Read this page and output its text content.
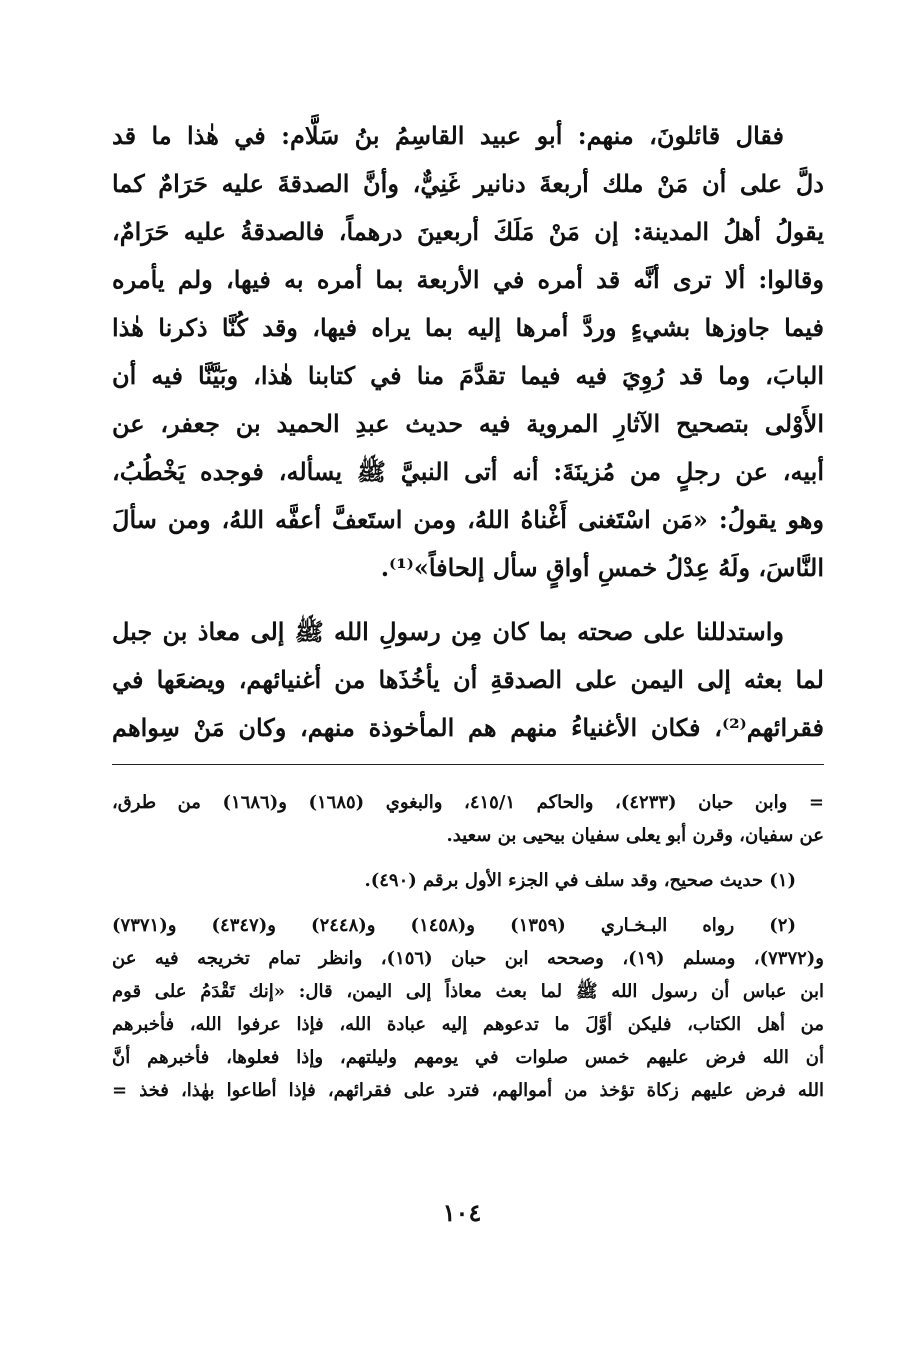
فقال قائلونَ، منهم: أبو عبيد القاسِمُ بنُ سَلَّام: في هٰذا ما قد
دلَّ على أن مَنْ ملك أربعةَ دنانير غَنِيٌّ، وأنَّ الصدقةَ عليه حَرَامٌ كما
يقولُ أهلُ المدينة: إن مَنْ مَلَكَ أربعينَ درهماً، فالصدقةُ عليه حَرَامٌ،
وقالوا: ألا ترى أنَّه قد أمره في الأربعة بما أمره به فيها، ولم يأمره
فيما جاوزها بشيءٍ وردَّ أمرها إليه بما يراه فيها، وقد كُنَّا ذكرنا هٰذا
البابَ، وما قد رُوِيَ فيه فيما تقدَّمَ منا في كتابنا هٰذا، وبَيَّنَّا فيه أن
الأَوْلى بتصحيح الآثارِ المروية فيه حديث عبدِ الحميد بن جعفر، عن
أبيه، عن رجلٍ من مُزينَةَ: أنه أتى النبيَّ ﷺ يسأله، فوجده يَخْطُبُ،
وهو يقولُ: «مَن اسْتَغنى أَغْناهُ اللهُ، ومن استَعفَّ أعفَّه اللهُ، ومن سألَ
النَّاسَ، ولَهُ عِدْلُ خمسِ أواقٍ سأل إلحافاً»⁽¹⁾.
واستدللنا على صحته بما كان مِن رسولِ الله ﷺ إلى معاذ بن جبل
لما بعثه إلى اليمن على الصدقةِ أن يأخُذَها من أغنيائهم، ويضعَها في
فقرائهم⁽²⁾، فكان الأغنياءُ منهم هم المأخوذة منهم، وكان مَنْ سِواهم
= وابن حبان (٤٢٣٣)، والحاكم ٤١٥/١، والبغوي (١٦٨٥) و(١٦٨٦) من طرق،
عن سفيان، وقرن أبو يعلى سفيان بيحيى بن سعيد.
(١) حديث صحيح، وقد سلف في الجزء الأول برقم (٤٩٠).
(٢) رواه البـخـاري (١٣٥٩) و(١٤٥٨) و(٢٤٤٨) و(٤٣٤٧) و(٧٣٧١)
و(٧٣٧٢)، ومسلم (١٩)، وصححه ابن حبان (١٥٦)، وانظر تمام تخريجه فيه عن
ابن عباس أن رسول الله ﷺ لما بعث معاذاً إلى اليمن، قال: «إنك تَقْدَمُ على قوم
من أهل الكتاب، فليكن أوَّلَ ما تدعوهم إليه عبادة الله، فإذا عرفوا الله، فأخبرهم
أن الله فرض عليهم خمس صلوات في يومهم وليلتهم، وإذا فعلوها، فأخبرهم أنَّ
الله فرض عليهم زكاة تؤخذ من أموالهم، فترد على فقرائهم، فإذا أطاعوا بهٰذا، فخذ =
١٠٤
